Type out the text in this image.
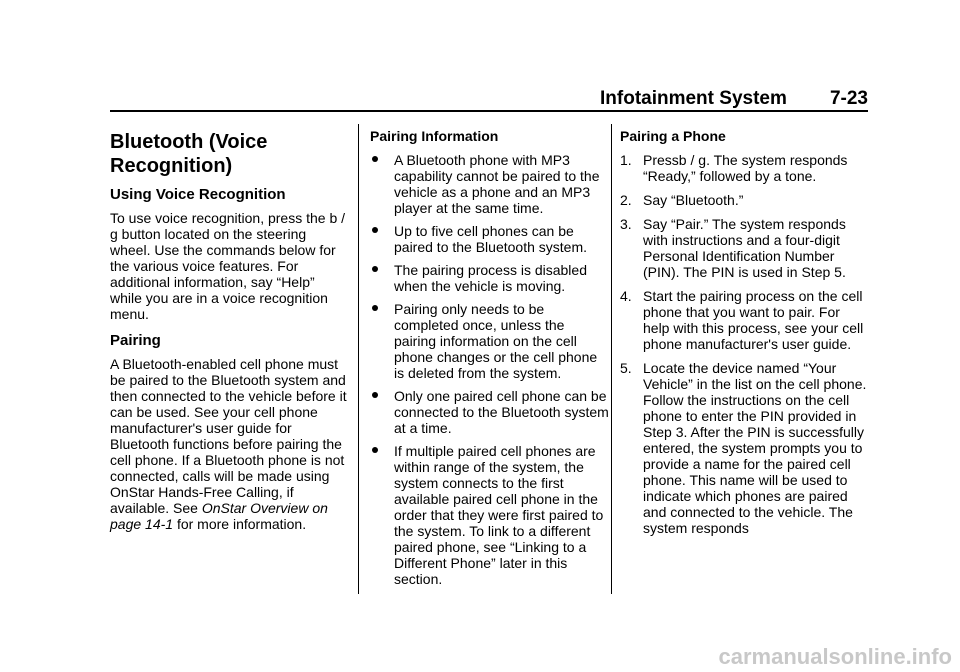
Infotainment System 7-23
Bluetooth (Voice Recognition)
Using Voice Recognition

To use voice recognition, press the b / g button located on the steering wheel. Use the commands below for the various voice features. For additional information, say “Help” while you are in a voice recognition menu.

Pairing

A Bluetooth-enabled cell phone must be paired to the Bluetooth system and then connected to the vehicle before it can be used. See your cell phone manufacturer's user guide for Bluetooth functions before pairing the cell phone. If a Bluetooth phone is not connected, calls will be made using OnStar Hands-Free Calling, if available. See OnStar Overview on page 14-1 for more information.

Pairing Information
A Bluetooth phone with MP3 capability cannot be paired to the vehicle as a phone and an MP3 player at the same time.
Up to five cell phones can be paired to the Bluetooth system.
The pairing process is disabled when the vehicle is moving.
Pairing only needs to be completed once, unless the pairing information on the cell phone changes or the cell phone is deleted from the system.
Only one paired cell phone can be connected to the Bluetooth system at a time.
If multiple paired cell phones are within range of the system, the system connects to the first available paired cell phone in the order that they were first paired to the system. To link to a different paired phone, see “Linking to a Different Phone” later in this section.
Pairing a Phone
1. Pressb / g. The system responds “Ready,” followed by a tone.
2. Say “Bluetooth.”
3. Say “Pair.” The system responds with instructions and a four-digit Personal Identification Number (PIN). The PIN is used in Step 5.
4. Start the pairing process on the cell phone that you want to pair. For help with this process, see your cell phone manufacturer's user guide.
5. Locate the device named “Your Vehicle” in the list on the cell phone. Follow the instructions on the cell phone to enter the PIN provided in Step 3. After the PIN is successfully entered, the system prompts you to provide a name for the paired cell phone. This name will be used to indicate which phones are paired and connected to the vehicle. The system responds
carmanualsonline.info
